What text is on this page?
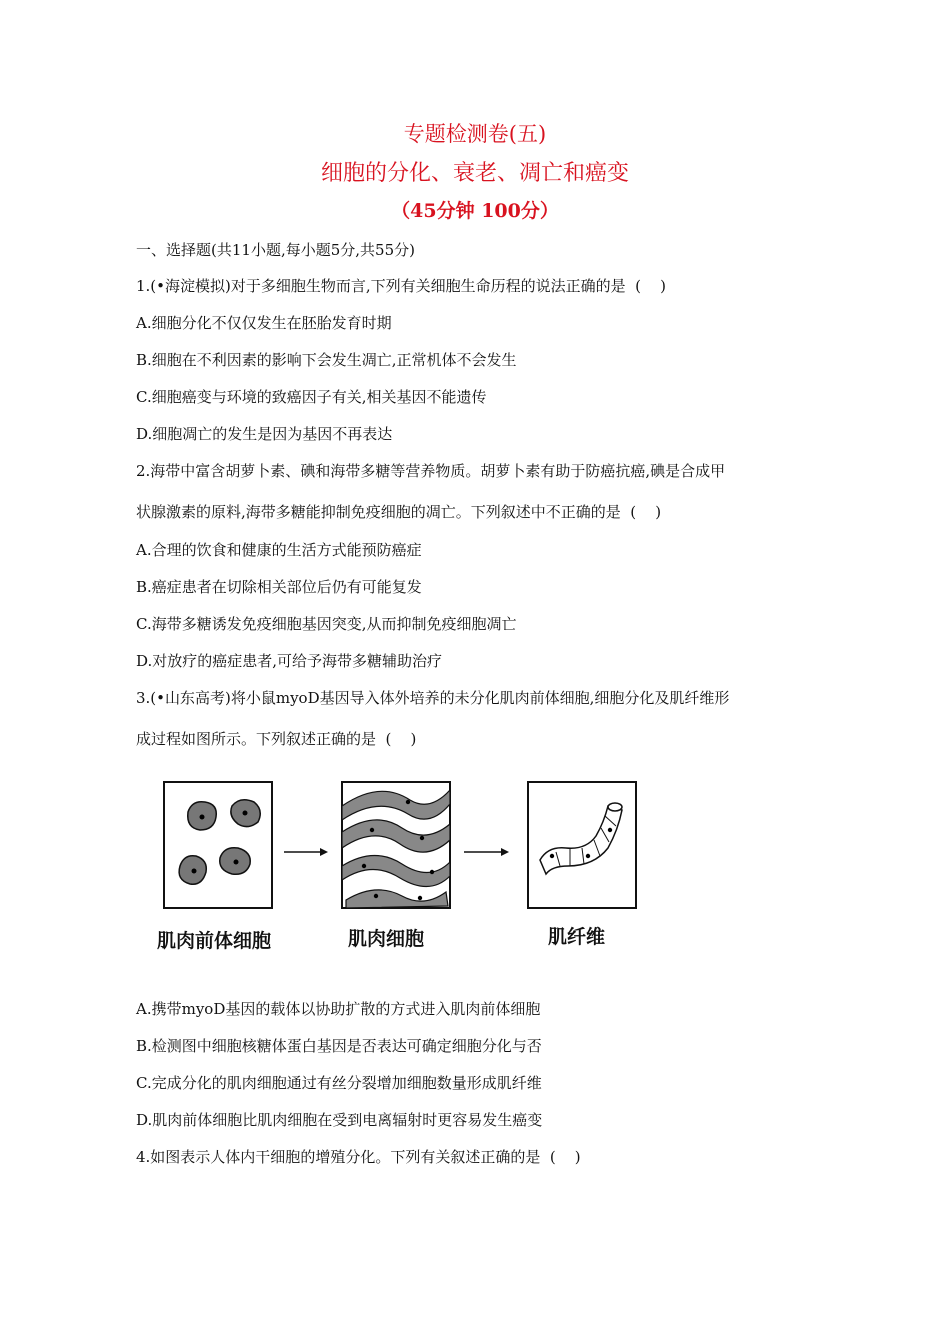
专题检测卷(五)
细胞的分化、衰老、凋亡和癌变
（45分钟 100分）
一、选择题(共11小题,每小题5分,共55分)
1.(•海淀模拟)对于多细胞生物而言,下列有关细胞生命历程的说法正确的是  (    )
A.细胞分化不仅仅发生在胚胎发育时期
B.细胞在不利因素的影响下会发生凋亡,正常机体不会发生
C.细胞癌变与环境的致癌因子有关,相关基因不能遗传
D.细胞凋亡的发生是因为基因不再表达
2.海带中富含胡萝卜素、碘和海带多糖等营养物质。胡萝卜素有助于防癌抗癌,碘是合成甲
状腺激素的原料,海带多糖能抑制免疫细胞的凋亡。下列叙述中不正确的是  (    )
A.合理的饮食和健康的生活方式能预防癌症
B.癌症患者在切除相关部位后仍有可能复发
C.海带多糖诱发免疫细胞基因突变,从而抑制免疫细胞凋亡
D.对放疗的癌症患者,可给予海带多糖辅助治疗
3.(•山东高考)将小鼠myoD基因导入体外培养的未分化肌肉前体细胞,细胞分化及肌纤维形
成过程如图所示。下列叙述正确的是  (    )
肌肉前体细胞	肌肉细胞	肌纤维
A.携带myoD基因的载体以协助扩散的方式进入肌肉前体细胞
B.检测图中细胞核糖体蛋白基因是否表达可确定细胞分化与否
C.完成分化的肌肉细胞通过有丝分裂增加细胞数量形成肌纤维
D.肌肉前体细胞比肌肉细胞在受到电离辐射时更容易发生癌变
4.如图表示人体内干细胞的增殖分化。下列有关叙述正确的是  (    )
